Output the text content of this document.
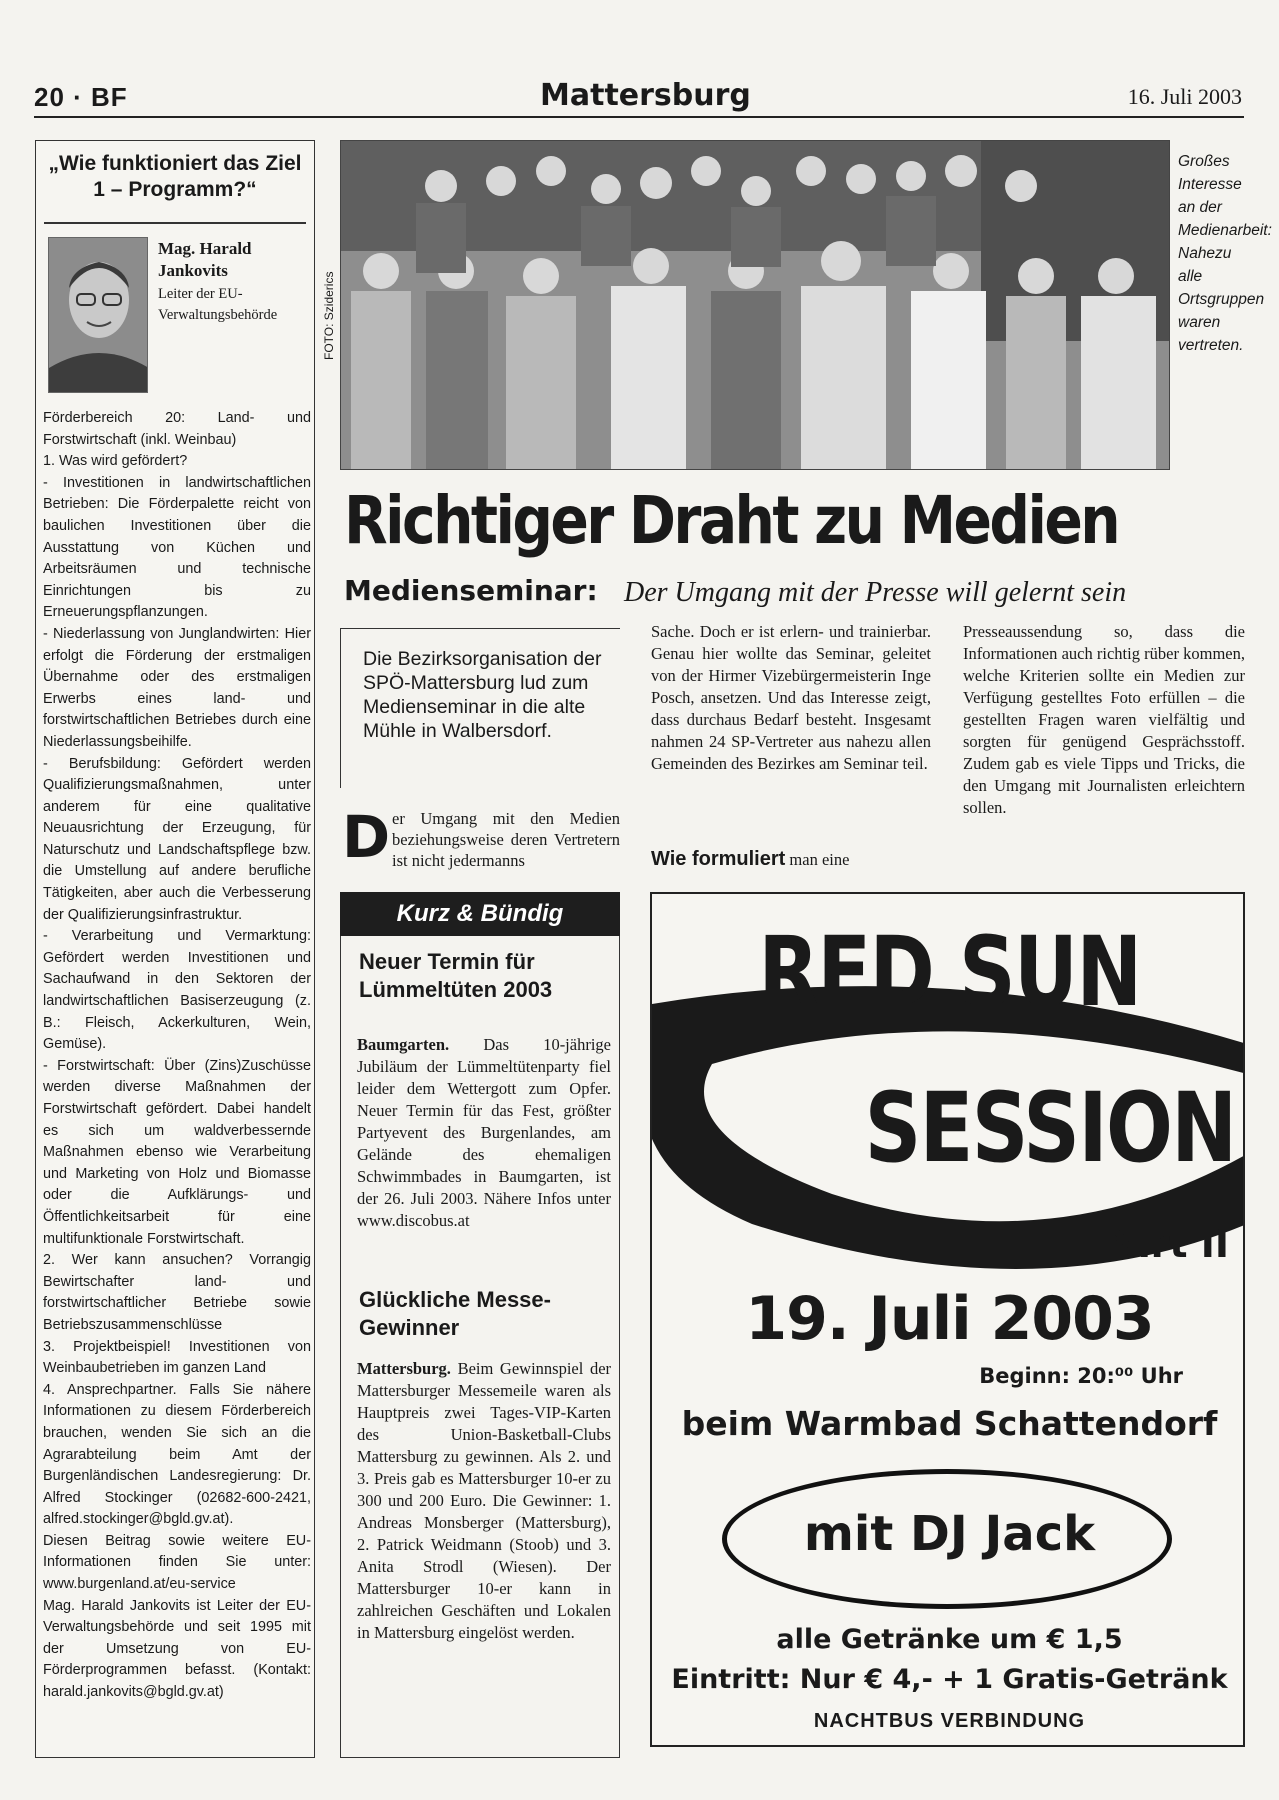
20 · BF	Mattersburg	16. Juli 2003
„Wie funktioniert das Ziel 1 – Programm?“
Mag. Harald Jankovits
Leiter der EU-Verwaltungsbehörde

Förderbereich 20: Land- und Forstwirtschaft (inkl. Weinbau)

1. Was wird gefördert?

- Investitionen in landwirtschaftlichen Betrieben: Die Förderpalette reicht von baulichen Investitionen über die Ausstattung von Küchen und Arbeitsräumen und technische Einrichtungen bis zu Erneuerungspflanzungen.

- Niederlassung von Junglandwirten: Hier erfolgt die Förderung der erstmaligen Übernahme oder des erstmaligen Erwerbs eines land- und forstwirtschaftlichen Betriebes durch eine Niederlassungsbeihilfe.

- Berufsbildung: Gefördert werden Qualifizierungsmaßnahmen, unter anderem für eine qualitative Neuausrichtung der Erzeugung, für Naturschutz und Landschaftspflege bzw. die Umstellung auf andere berufliche Tätigkeiten, aber auch die Verbesserung der Qualifizierungsinfrastruktur.

- Verarbeitung und Vermarktung: Gefördert werden Investitionen und Sachaufwand in den Sektoren der landwirtschaftlichen Basiserzeugung (z. B.: Fleisch, Ackerkulturen, Wein, Gemüse).

- Forstwirtschaft: Über (Zins)Zuschüsse werden diverse Maßnahmen der Forstwirtschaft gefördert. Dabei handelt es sich um waldverbessernde Maßnahmen ebenso wie Verarbeitung und Marketing von Holz und Biomasse oder die Aufklärungs- und Öffentlichkeitsarbeit für eine multifunktionale Forstwirtschaft.

2. Wer kann ansuchen? Vorrangig Bewirtschafter land- und forstwirtschaftlicher Betriebe sowie Betriebszusammenschlüsse

3. Projektbeispiel! Investitionen von Weinbaubetrieben im ganzen Land

4. Ansprechpartner. Falls Sie nähere Informationen zu diesem Förderbereich brauchen, wenden Sie sich an die Agrarabteilung beim Amt der Burgenländischen Landesregierung: Dr. Alfred Stockinger (02682-600-2421, alfred.stockinger@bgld.gv.at).

Diesen Beitrag sowie weitere EU-Informationen finden Sie unter: www.burgenland.at/eu-service

Mag. Harald Jankovits ist Leiter der EU-Verwaltungsbehörde und seit 1995 mit der Umsetzung von EU-Förderprogrammen befasst. (Kontakt: harald.jankovits@bgld.gv.at)

FOTO: Sziderics
Großes Interesse an der Medienarbeit: Nahezu alle Ortsgruppen waren vertreten.
Richtiger Draht zu Medien
Medienseminar: Der Umgang mit der Presse will gelernt sein
Die Bezirksorganisation der SPÖ-Mattersburg lud zum Medienseminar in die alte Mühle in Walbersdorf.
D er Umgang mit den Medien beziehungsweise deren Vertretern ist nicht jedermanns
Sache. Doch er ist erlern- und trainierbar. Genau hier wollte das Seminar, geleitet von der Hirmer Vizebürgermeisterin Inge Posch, ansetzen. Und das Interesse zeigt, dass durchaus Bedarf besteht. Insgesamt nahmen 24 SP-Vertreter aus nahezu allen Gemeinden des Bezirkes am Seminar teil.
Wie formuliert man eine
Presseaussendung so, dass die Informationen auch richtig rüber kommen, welche Kriterien sollte ein Medien zur Verfügung gestelltes Foto erfüllen – die gestellten Fragen waren vielfältig und sorgten für genügend Gesprächsstoff. Zudem gab es viele Tipps und Tricks, die den Umgang mit Journalisten erleichtern sollen.
Kurz & Bündig
Neuer Termin für Lümmeltüten 2003
Baumgarten. Das 10-jährige Jubiläum der Lümmeltütenparty fiel leider dem Wettergott zum Opfer. Neuer Termin für das Fest, größter Partyevent des Burgenlandes, am Gelände des ehemaligen Schwimmbades in Baumgarten, ist der 26. Juli 2003. Nähere Infos unter www.discobus.at
Glückliche Messe-Gewinner
Mattersburg. Beim Gewinnspiel der Mattersburger Messemeile waren als Hauptpreis zwei Tages-VIP-Karten des Union-Basketball-Clubs Mattersburg zu gewinnen. Als 2. und 3. Preis gab es Mattersburger 10-er zu 300 und 200 Euro. Die Gewinner: 1. Andreas Monsberger (Mattersburg), 2. Patrick Weidmann (Stoob) und 3. Anita Strodl (Wiesen). Der Mattersburger 10-er kann in zahlreichen Geschäften und Lokalen in Mattersburg eingelöst werden.
RED SUN
SESSION
Part II
19. Juli 2003
Beginn: 20:⁰⁰ Uhr
beim Warmbad Schattendorf
mit DJ Jack
alle Getränke um € 1,5
Eintritt: Nur € 4,- + 1 Gratis-Getränk
NACHTBUS VERBINDUNG
